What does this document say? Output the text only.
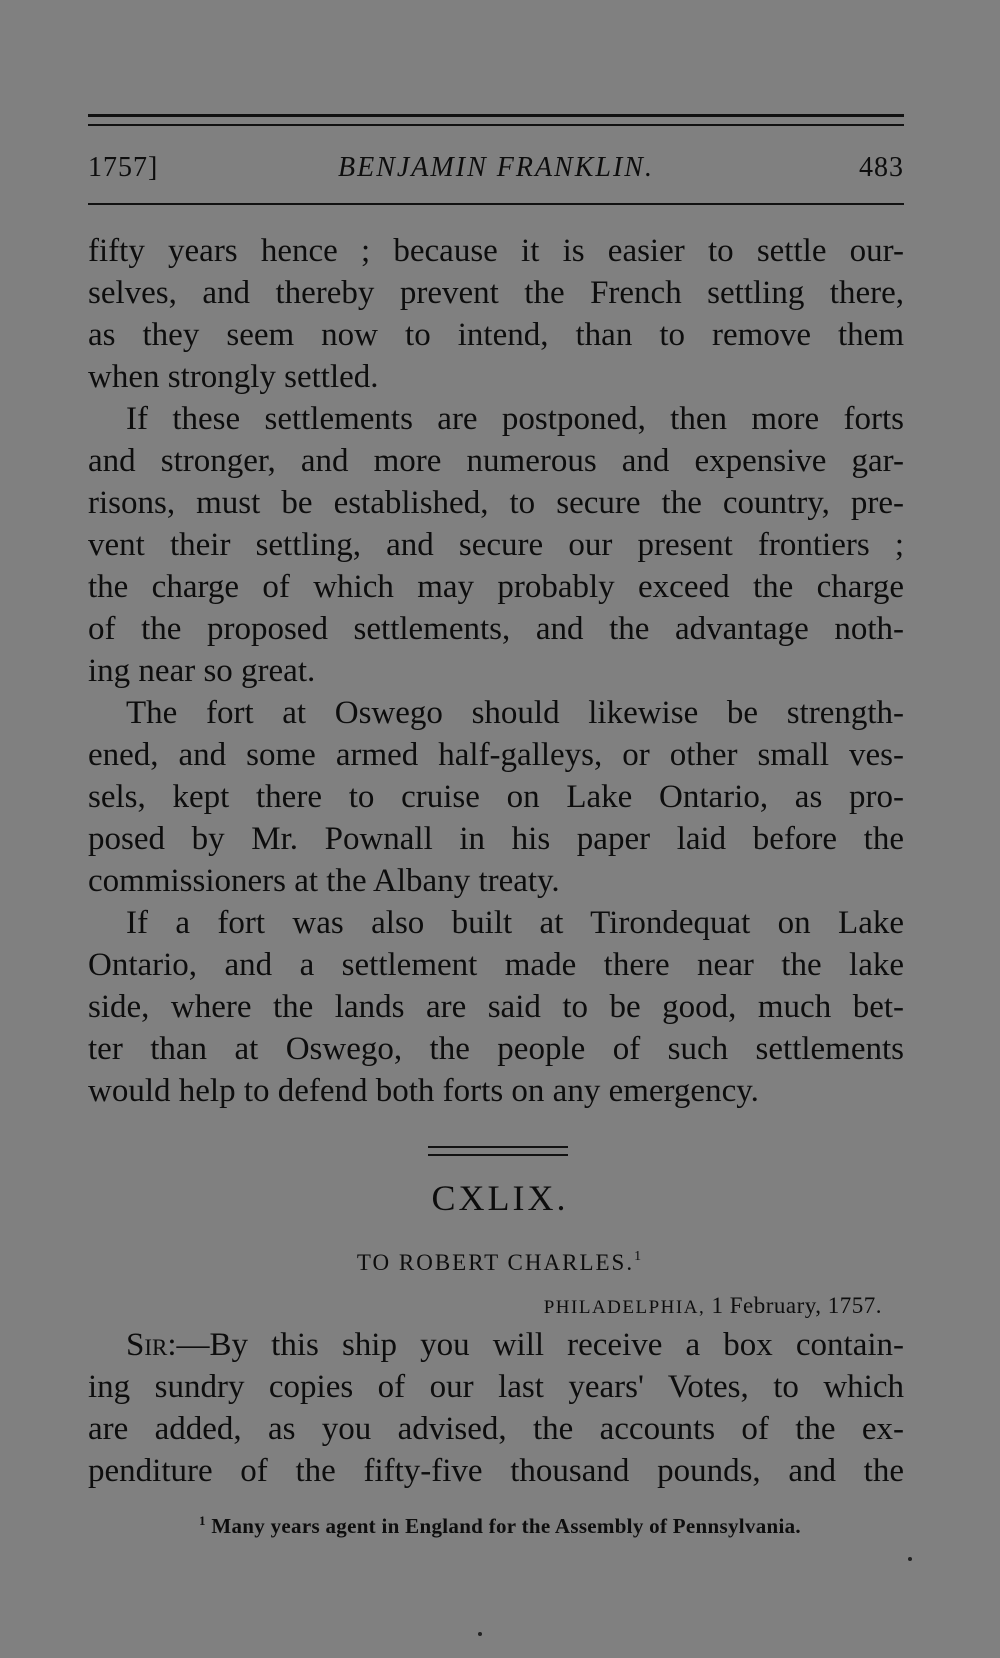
1757]	BENJAMIN FRANKLIN.	483
fifty years hence ; because it is easier to settle our-
selves, and thereby prevent the French settling there,
as they seem now to intend, than to remove them
when strongly settled.
If these settlements are postponed, then more forts
and stronger, and more numerous and expensive gar-
risons, must be established, to secure the country, pre-
vent their settling, and secure our present frontiers ;
the charge of which may probably exceed the charge
of the proposed settlements, and the advantage noth-
ing near so great.
The fort at Oswego should likewise be strength-
ened, and some armed half-galleys, or other small ves-
sels, kept there to cruise on Lake Ontario, as pro-
posed by Mr. Pownall in his paper laid before the
commissioners at the Albany treaty.
If a fort was also built at Tirondequat on Lake
Ontario, and a settlement made there near the lake
side, where the lands are said to be good, much bet-
ter than at Oswego, the people of such settlements
would help to defend both forts on any emergency.
CXLIX.
TO ROBERT CHARLES.$^1$
PHILADELPHIA, 1 February, 1757.
Sir:—By this ship you will receive a box contain-
ing sundry copies of our last years' Votes, to which
are added, as you advised, the accounts of the ex-
penditure of the fifty-five thousand pounds, and the
$^1$ Many years agent in England for the Assembly of Pennsylvania.
